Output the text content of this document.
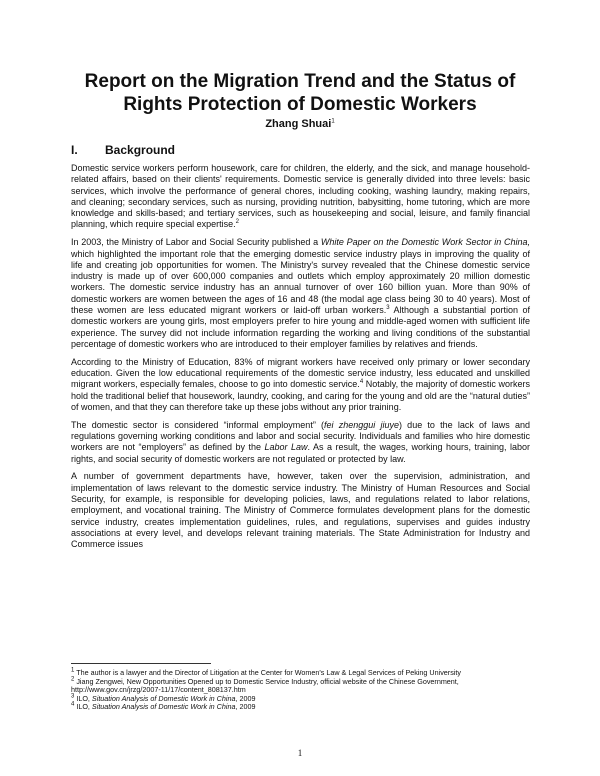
Report on the Migration Trend and the Status of
Rights Protection of Domestic Workers
Zhang Shuai$^1$
I. Background

Domestic service workers perform housework, care for children, the elderly, and the sick, and manage household-related affairs, based on their clients' requirements. Domestic service is generally divided into three levels: basic services, which involve the performance of general chores, including cooking, washing laundry, making repairs, and cleaning; secondary services, such as nursing, providing nutrition, babysitting, home tutoring, which are more knowledge and skills-based; and tertiary services, such as housekeeping and social, leisure, and family financial planning, which require special expertise.$^2$

In 2003, the Ministry of Labor and Social Security published a White Paper on the Domestic Work Sector in China, which highlighted the important role that the emerging domestic service industry plays in improving the quality of life and creating job opportunities for women. The Ministry's survey revealed that the Chinese domestic service industry is made up of over 600,000 companies and outlets which employ approximately 20 million domestic workers. The domestic service industry has an annual turnover of over 160 billion yuan. More than 90% of domestic workers are women between the ages of 16 and 48 (the modal age class being 30 to 40 years). Most of these women are less educated migrant workers or laid-off urban workers.$^3$ Although a substantial portion of domestic workers are young girls, most employers prefer to hire young and middle-aged women with sufficient life experience. The survey did not include information regarding the working and living conditions of the substantial percentage of domestic workers who are introduced to their employer families by relatives and friends.

According to the Ministry of Education, 83% of migrant workers have received only primary or lower secondary education. Given the low educational requirements of the domestic service industry, less educated and unskilled migrant workers, especially females, choose to go into domestic service.$^4$ Notably, the majority of domestic workers hold the traditional belief that housework, laundry, cooking, and caring for the young and old are the “natural duties” of women, and that they can therefore take up these jobs without any prior training.

The domestic sector is considered “informal employment” (fei zhenggui jiuye) due to the lack of laws and regulations governing working conditions and labor and social security. Individuals and families who hire domestic workers are not “employers” as defined by the Labor Law. As a result, the wages, working hours, training, labor rights, and social security of domestic workers are not regulated or protected by law.

A number of government departments have, however, taken over the supervision, administration, and implementation of laws relevant to the domestic service industry. The Ministry of Human Resources and Social Security, for example, is responsible for developing policies, laws, and regulations related to labor relations, employment, and vocational training. The Ministry of Commerce formulates development plans for the domestic service industry, creates implementation guidelines, rules, and regulations, supervises and guides industry associations at every level, and develops relevant training materials. The State Administration for Industry and Commerce issues

$^1$ The author is a lawyer and the Director of Litigation at the Center for Women's Law & Legal Services of Peking University
$^2$ Jiang Zengwei, New Opportunities Opened up to Domestic Service Industry, official website of the Chinese Government, http://www.gov.cn/jrzg/2007-11/17/content_808137.htm
$^3$ ILO, Situation Analysis of Domestic Work in China, 2009
$^4$ ILO, Situation Analysis of Domestic Work in China, 2009
1
